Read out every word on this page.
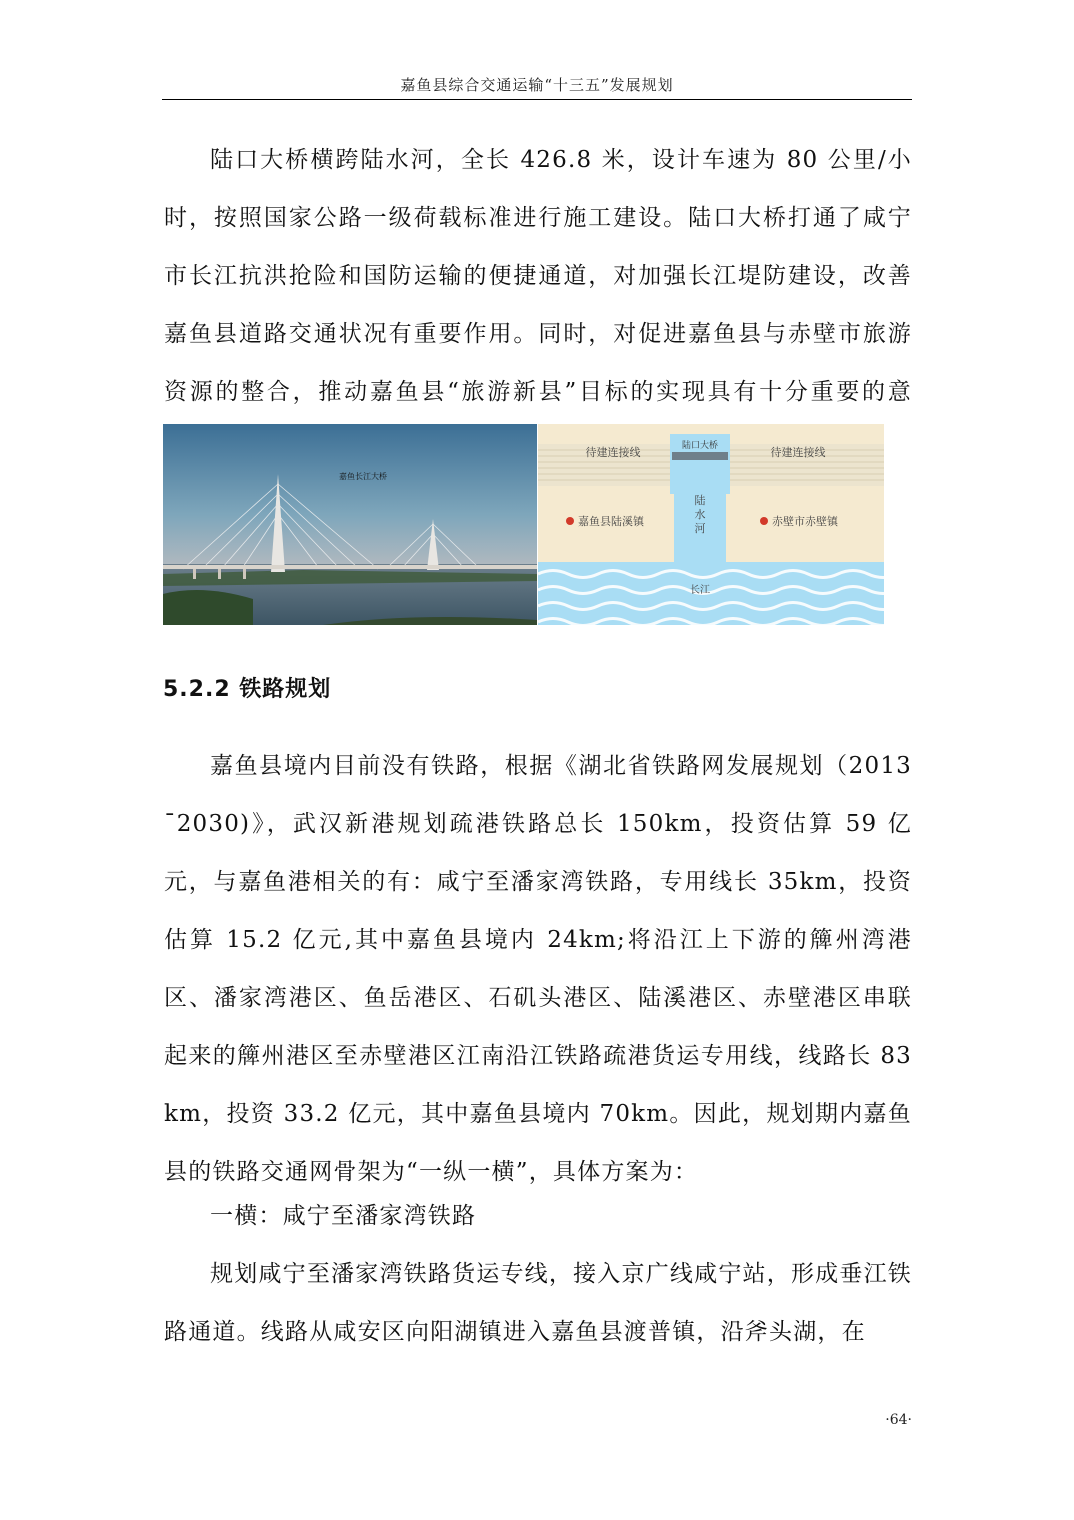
嘉鱼县综合交通运输“十三五”发展规划

陆口大桥横跨陆水河，全长 426.8 米，设计车速为 80 公里/小时，按照国家公路一级荷载标准进行施工建设。陆口大桥打通了咸宁市长江抗洪抢险和国防运输的便捷通道，对加强长江堤防建设，改善嘉鱼县道路交通状况有重要作用。同时，对促进嘉鱼县与赤壁市旅游资源的整合，推动嘉鱼县“旅游新县”目标的实现具有十分重要的意

嘉鱼长江大桥
待建连接线	陆口大桥	待建连接线
嘉鱼县陆溪镇	赤壁市赤壁镇
陆水河
长江
5.2.2 铁路规划

嘉鱼县境内目前没有铁路，根据《湖北省铁路网发展规划（2013¯2030)》，武汉新港规划疏港铁路总长 150km，投资估算 59 亿元，与嘉鱼港相关的有：咸宁至潘家湾铁路，专用线长 35km，投资估算 15.2 亿元,其中嘉鱼县境内 24km;将沿江上下游的簰州湾港区、潘家湾港区、鱼岳港区、石矶头港区、陆溪港区、赤壁港区串联起来的簰州港区至赤壁港区江南沿江铁路疏港货运专用线，线路长 83km，投资 33.2 亿元，其中嘉鱼县境内 70km。因此，规划期内嘉鱼县的铁路交通网骨架为“一纵一横”，具体方案为：

一横：咸宁至潘家湾铁路

规划咸宁至潘家湾铁路货运专线，接入京广线咸宁站，形成垂江铁路通道。线路从咸安区向阳湖镇进入嘉鱼县渡普镇，沿斧头湖，在

·64·
